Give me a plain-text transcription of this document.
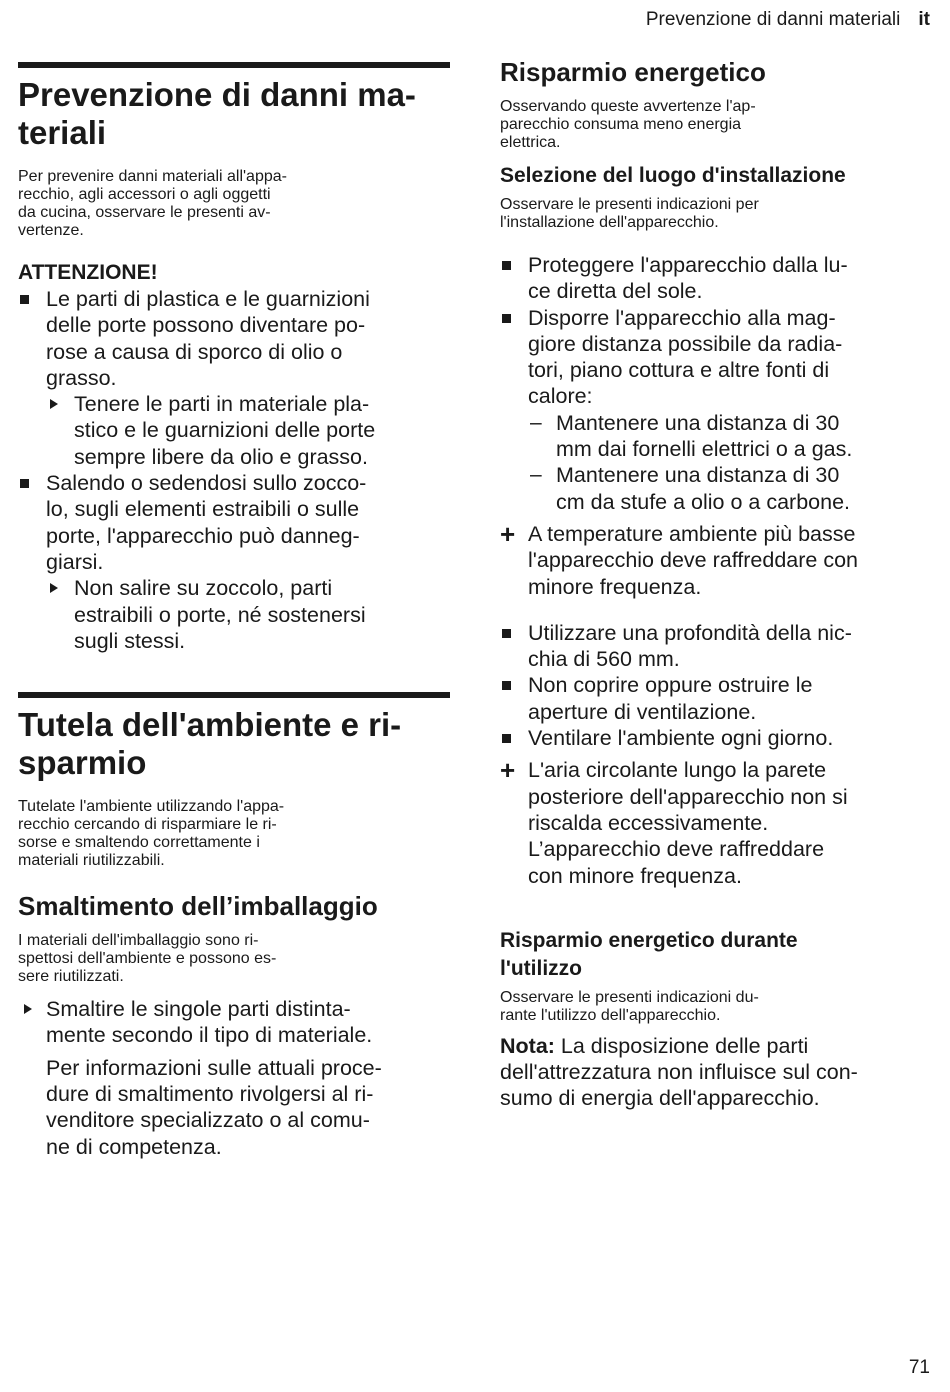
Prevenzione di danni materiali it
Prevenzione di danni ma-
teriali
Per prevenire danni materiali all'appa-
recchio, agli accessori o agli oggetti
da cucina, osservare le presenti av-
vertenze.
ATTENZIONE!
Le parti di plastica e le guarnizioni
delle porte possono diventare po-
rose a causa di sporco di olio o
grasso.
Tenere le parti in materiale pla-
stico e le guarnizioni delle porte
sempre libere da olio e grasso.
Salendo o sedendosi sullo zocco-
lo, sugli elementi estraibili o sulle
porte, l'apparecchio può danneg-
giarsi.
Non salire su zoccolo, parti
estraibili o porte, né sostenersi
sugli stessi.
Tutela dell'ambiente e ri-
sparmio
Tutelate l'ambiente utilizzando l'appa-
recchio cercando di risparmiare le ri-
sorse e smaltendo correttamente i
materiali riutilizzabili.
Smaltimento dell’imballaggio
I materiali dell'imballaggio sono ri-
spettosi dell'ambiente e possono es-
sere riutilizzati.
Smaltire le singole parti distinta-
mente secondo il tipo di materiale.
Per informazioni sulle attuali proce-
dure di smaltimento rivolgersi al ri-
venditore specializzato o al comu-
ne di competenza.
Risparmio energetico
Osservando queste avvertenze l'ap-
parecchio consuma meno energia
elettrica.
Selezione del luogo d'installazione
Osservare le presenti indicazioni per
l'installazione dell'apparecchio.
Proteggere l'apparecchio dalla lu-
ce diretta del sole.
Disporre l'apparecchio alla mag-
giore distanza possibile da radia-
tori, piano cottura e altre fonti di
calore:
– Mantenere una distanza di 30
mm dai fornelli elettrici o a gas.
– Mantenere una distanza di 30
cm da stufe a olio o a carbone.
+ A temperature ambiente più basse
l'apparecchio deve raffreddare con
minore frequenza.
Utilizzare una profondità della nic-
chia di 560 mm.
Non coprire oppure ostruire le
aperture di ventilazione.
Ventilare l'ambiente ogni giorno.
+ L'aria circolante lungo la parete
posteriore dell'apparecchio non si
riscalda eccessivamente.
L’apparecchio deve raffreddare
con minore frequenza.
Risparmio energetico durante
l'utilizzo
Osservare le presenti indicazioni du-
rante l'utilizzo dell'apparecchio.

Nota: La disposizione delle parti
dell'attrezzatura non influisce sul con-
sumo di energia dell'apparecchio.

71
